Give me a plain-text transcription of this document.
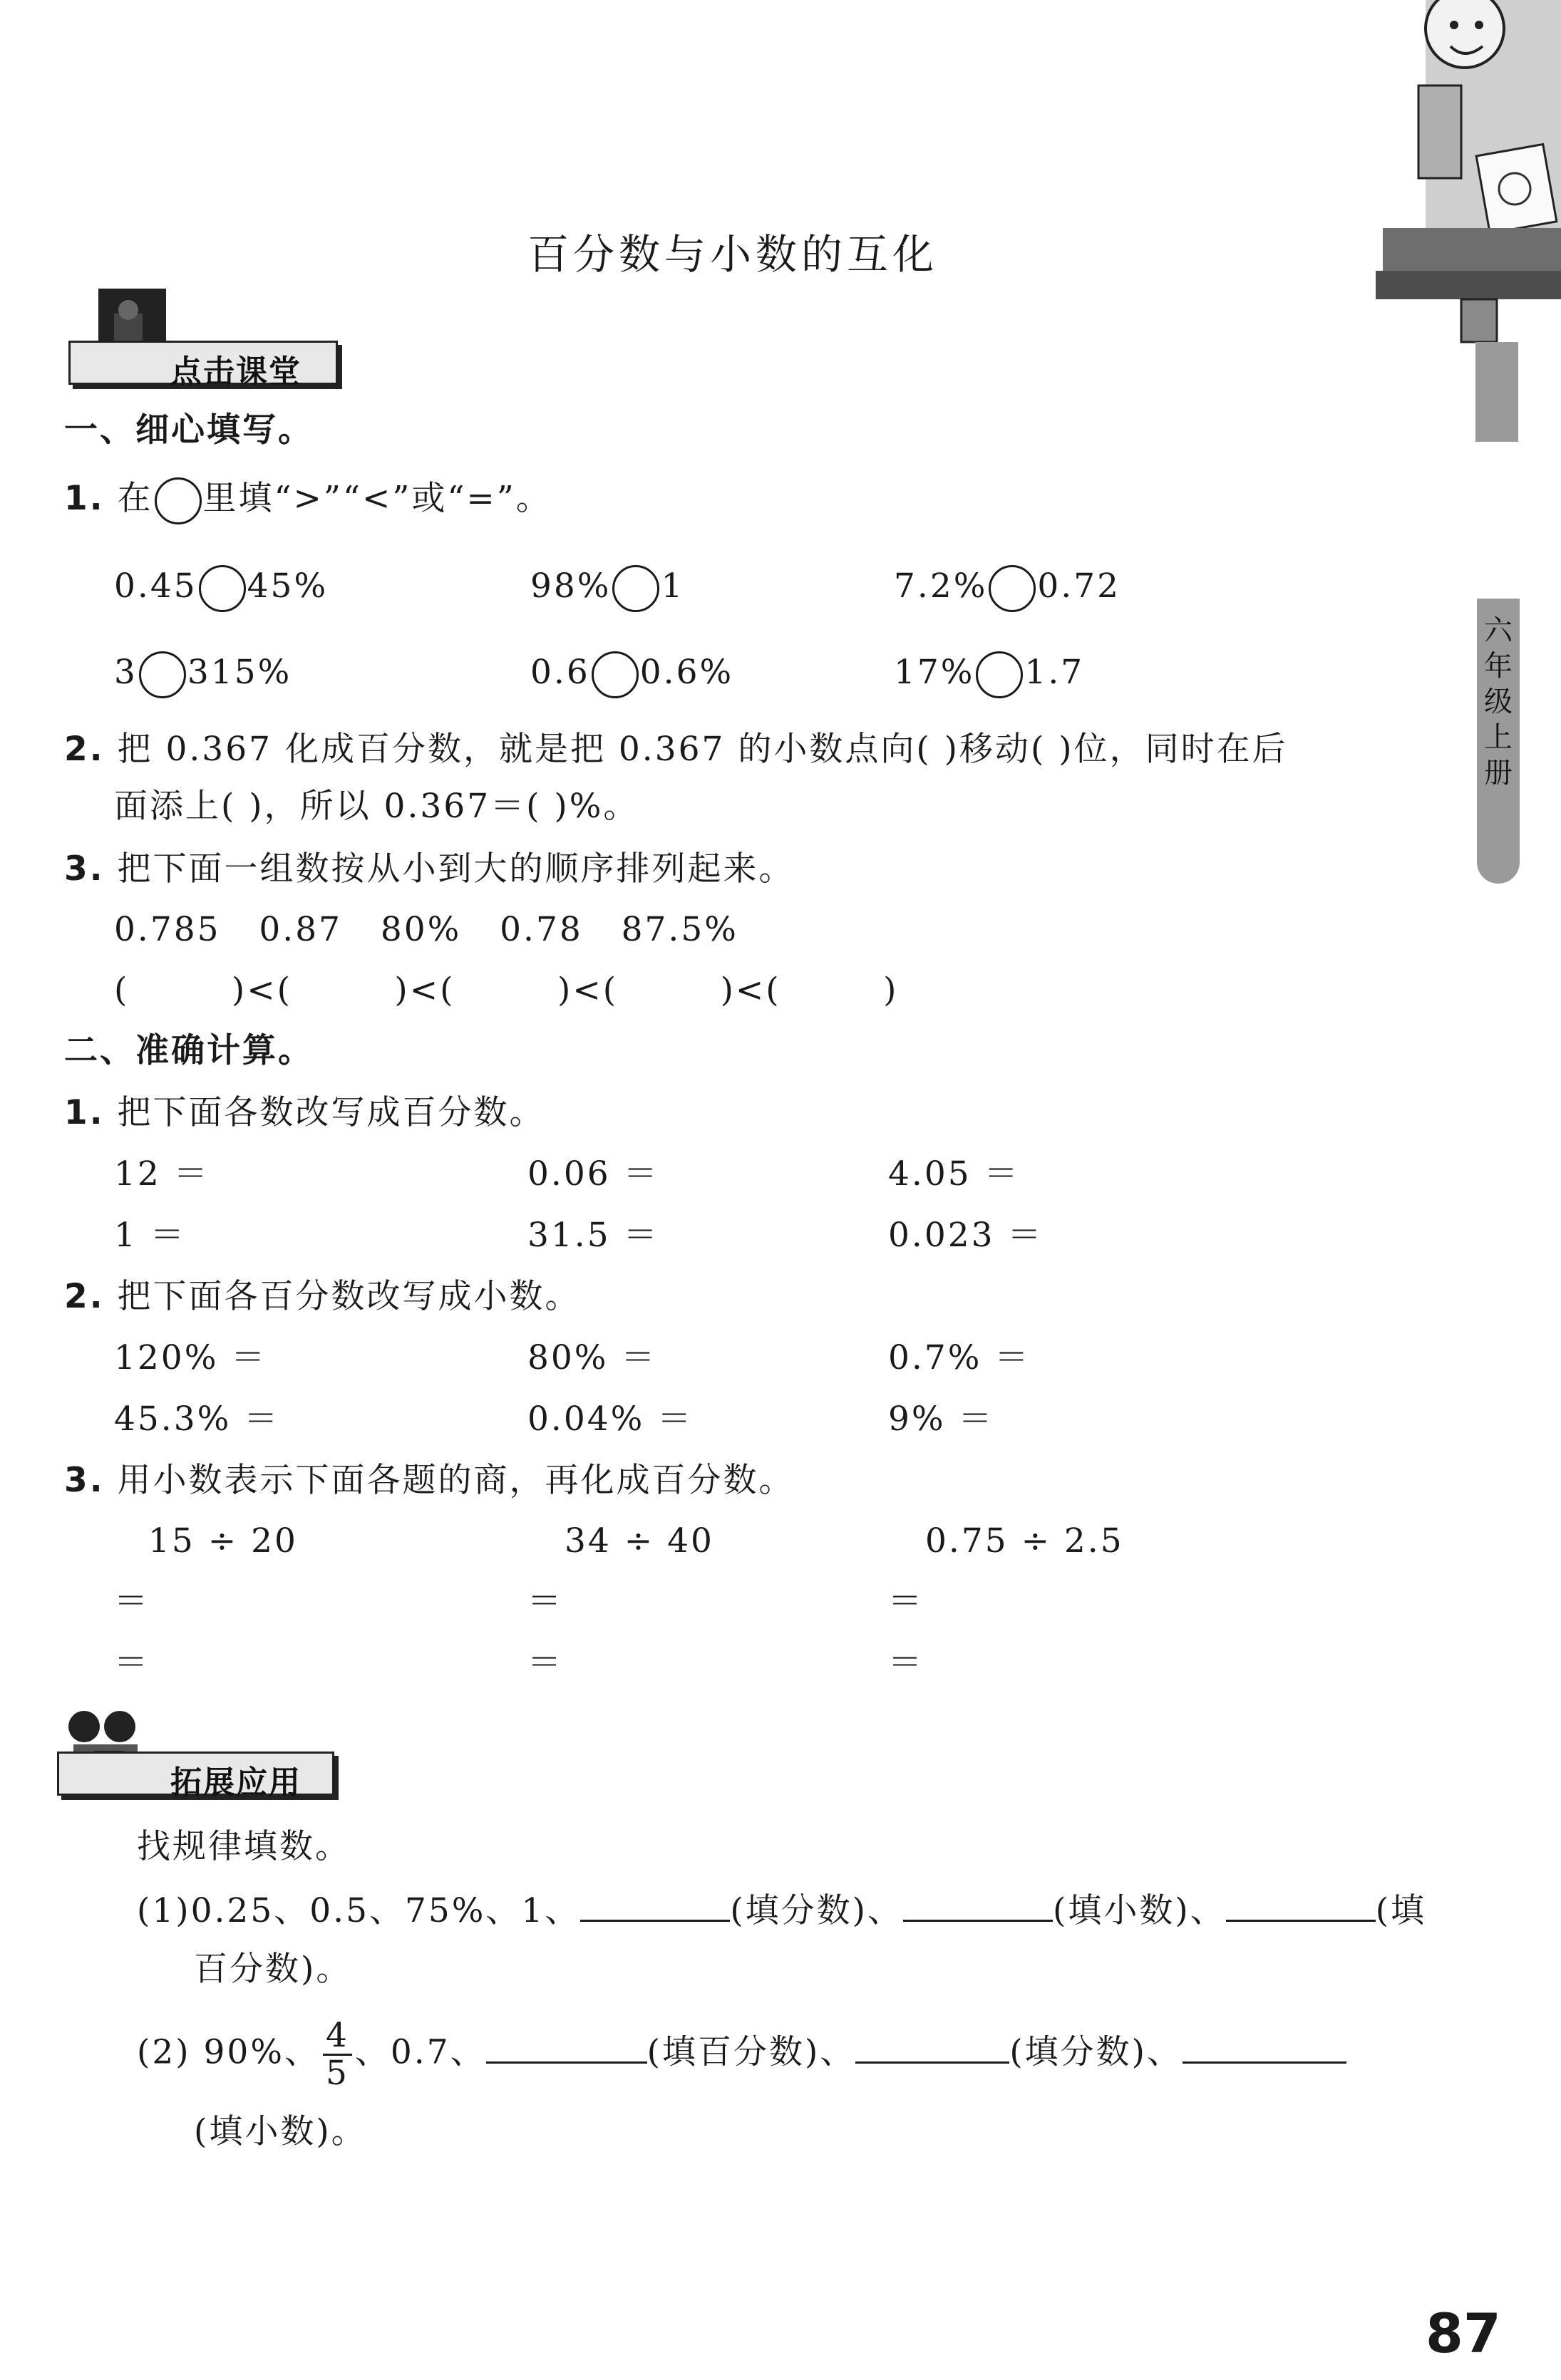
六
年
级
上
册
百分数与小数的互化
点击课堂
一、细心填写。
1. 在 里填“>”“<”或“=”。
0.45 45%	98% 1	7.2% 0.72
3 315%	0.6 0.6%	17% 1.7
2. 把 0.367 化成百分数，就是把 0.367 的小数点向( )移动( )位，同时在后
面添上( )，所以 0.367＝( )%。
3. 把下面一组数按从小到大的顺序排列起来。
0.785   0.87   80%   0.78   87.5%
(        )<(        )<(        )<(        )<(        )
二、准确计算。
1. 把下面各数改写成百分数。
12 ＝	0.06 ＝	4.05 ＝
1 ＝	31.5 ＝	0.023 ＝
2. 把下面各百分数改写成小数。
120% ＝	80% ＝	0.7% ＝
45.3% ＝	0.04% ＝	9% ＝
3. 用小数表示下面各题的商，再化成百分数。
15 ÷ 20	34 ÷ 40	0.75 ÷ 2.5
＝	＝	＝
＝	＝	＝
拓展应用
找规律填数。
(1)0.25、0.5、75%、1、	(填分数)、	(填小数)、	(填
百分数)。
(2) 90%、 $\frac{4}{5}$ 、0.7、	(填百分数)、	(填分数)、
(填小数)。
87
